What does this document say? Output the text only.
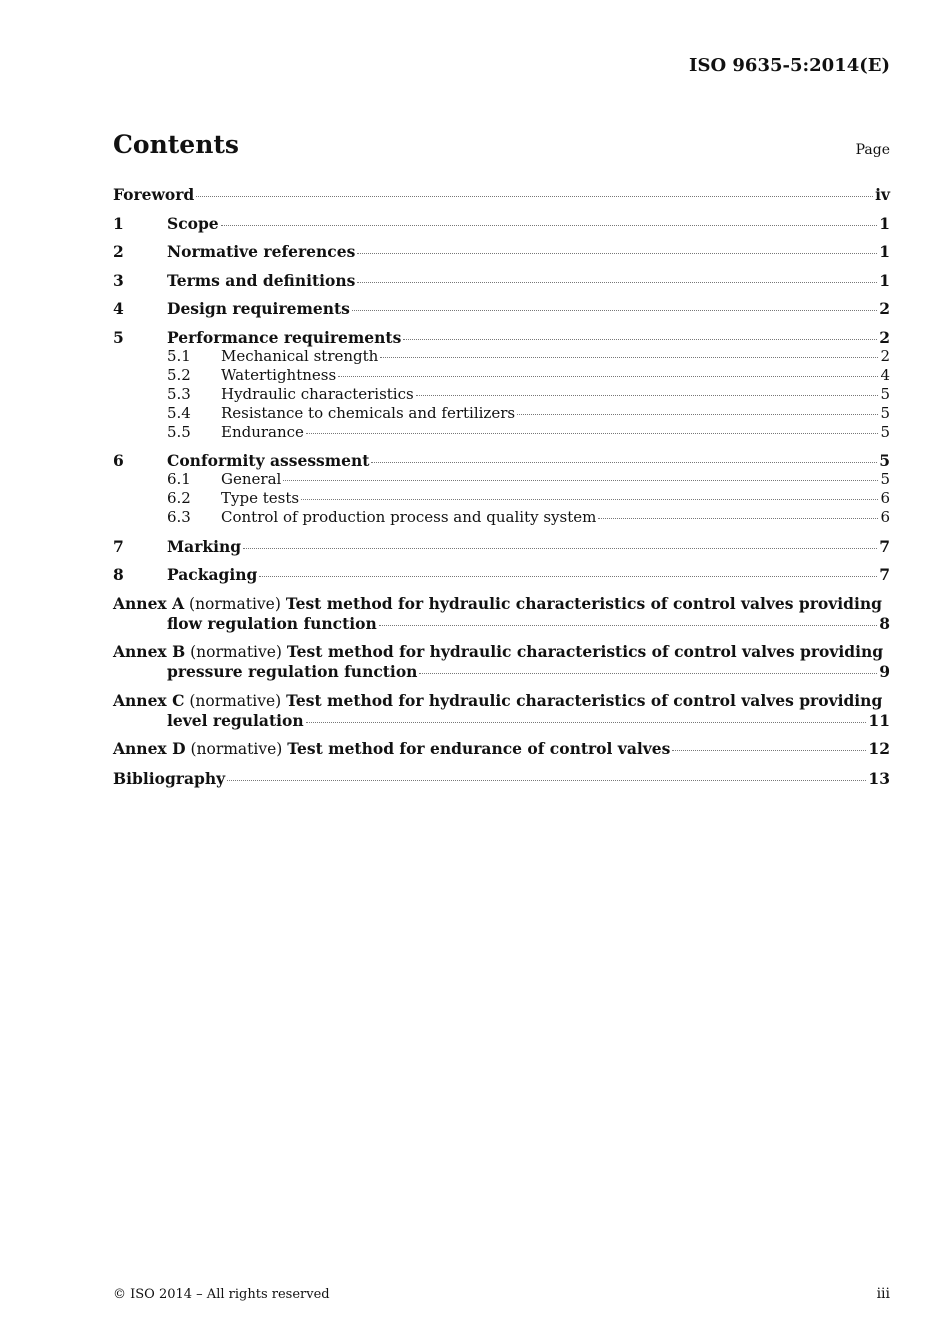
ISO 9635-5:2014(E)
Contents	Page
Foreword	iv
1	Scope	1
2	Normative references	1
3	Terms and definitions	1
4	Design requirements	2
5	Performance requirements	2
5.1	Mechanical strength	2
5.2	Watertightness	4
5.3	Hydraulic characteristics	5
5.4	Resistance to chemicals and fertilizers	5
5.5	Endurance	5
6	Conformity assessment	5
6.1	General	5
6.2	Type tests	6
6.3	Control of production process and quality system	6
7	Marking	7
8	Packaging	7
Annex A (normative) Test method for hydraulic characteristics of control valves providing
flow regulation function	8
Annex B (normative) Test method for hydraulic characteristics of control valves providing
pressure regulation function	9
Annex C (normative) Test method for hydraulic characteristics of control valves providing
level regulation	11
Annex D (normative) Test method for endurance of control valves	12
Bibliography	13
© ISO 2014 – All rights reserved	iii
